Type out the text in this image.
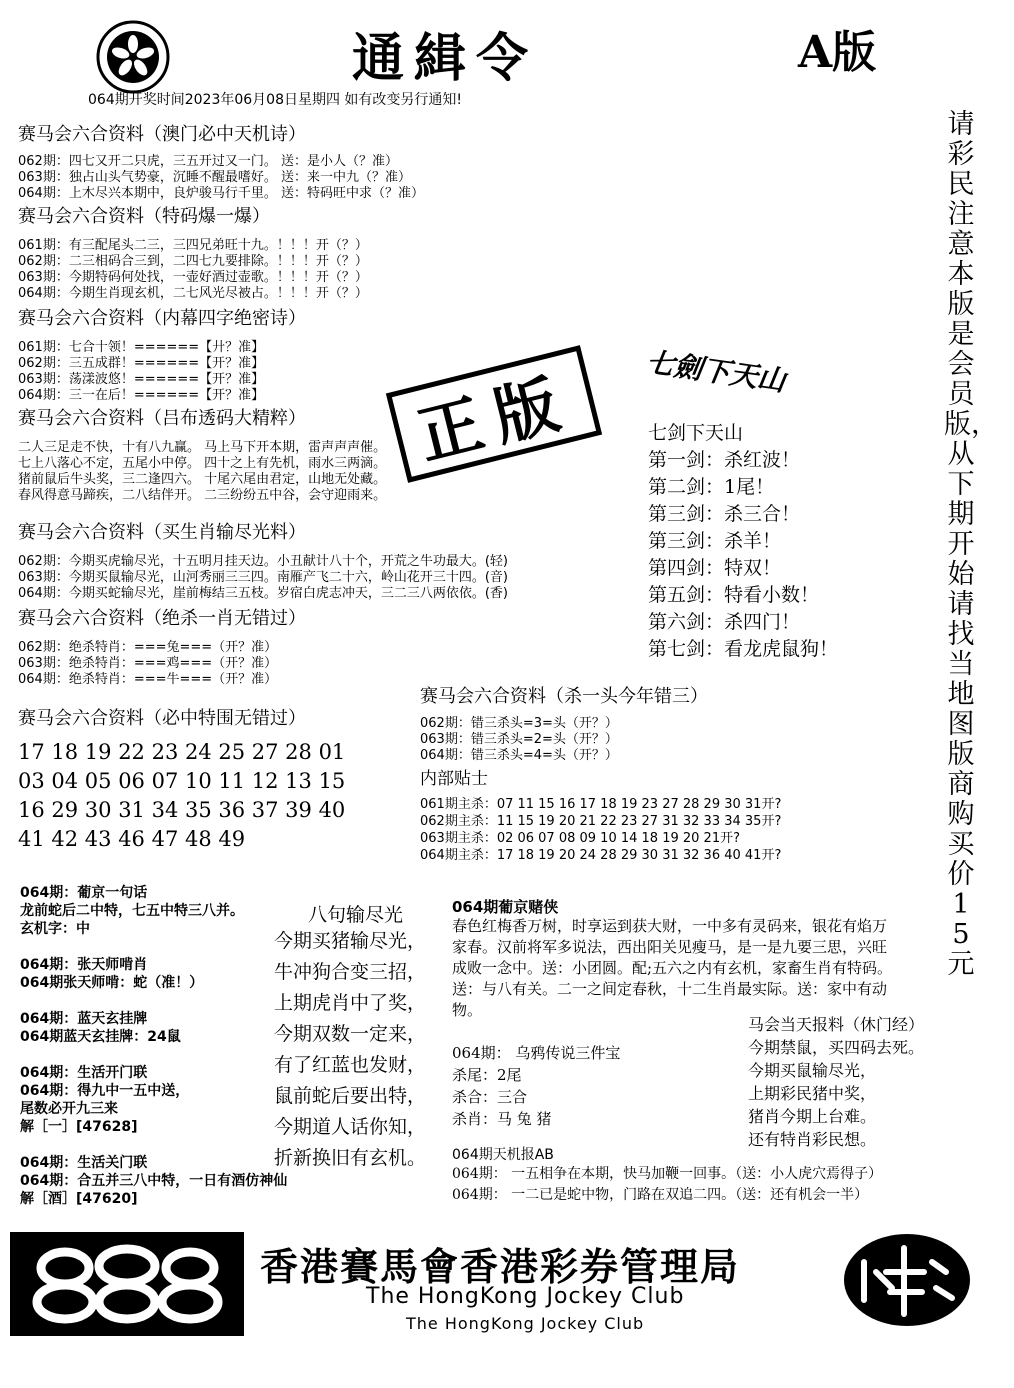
通緝令	A版
064期开奖时间2023年06月08日星期四 如有改变另行通知!
请彩民注意本版是会员版，从下期开始请找当地图版商购买价15元
赛马会六合资料（澳门必中天机诗）
062期：四七又开二只虎，三五开过又一门。 送：是小人（？准）
063期：独占山头气势豪，沉睡不醒最嗜好。 送：来一中九（？准）
064期：上木尽兴本期中，良炉骏马行千里。 送：特码旺中求（？准）
赛马会六合资料（特码爆一爆）
061期：有三配尾头二三，三四兄弟旺十九。！！！开（？）
062期：二三相码合三到，二四七九要排除。！！！开（？）
063期：今期特码何处找，一壶好酒过壶歌。！！！开（？）
064期：今期生肖现玄机，二七风光尽被占。！！！开（？）
赛马会六合资料（内幕四字绝密诗）
061期：七合十领！======【廾？准】
062期：三五成群！======【开？准】
063期：荡漾波悠！======【开？准】
064期：三一在后！======【开？准】
赛马会六合资料（吕布透码大精粹）
二人三足走不快，十有八九赢。 马上马下开本期，雷声声声催。
七上八落心不定，五尾小中停。 四十之上有先机，雨水三两滴。
猪前鼠后牛头奖，三二逢四六。 十尾六尾由君定，山地无处藏。
春风得意马蹄疾，二八结伴开。 二三纷纷五中谷，会守迎雨来。
正版
赛马会六合资料（买生肖输尽光料）
062期：今期买虎输尽光，十五明月挂天边。小丑献计八十个，开荒之牛功最大。(轻)
063期：今期买鼠输尽光，山河秀丽三三四。南雁产飞二十六，岭山花开三十四。(音)
064期：今期买蛇输尽光，崖前梅结三五枝。岁宿白虎志冲天，三二三八两依依。(香)
赛马会六合资料（绝杀一肖无错过）
062期：绝杀特肖：===兔===（开？准）
063期：绝杀特肖：===鸡===（开？准）
064期：绝杀特肖：===牛===（开？准）
赛马会六合资料（必中特围无错过）
17 18 19 22 23 24 25 27 28 01
03 04 05 06 07 10 11 12 13 15
16 29 30 31 34 35 36 37 39 40
41 42 43 46 47 48 49
七劍下天山
七剑下天山
第一剑：杀红波！
第二剑：1尾！
第三剑：杀三合！
第三剑：杀羊！
第四剑：特双！
第五剑：特看小数！
第六剑：杀四门！
第七剑：看龙虎鼠狗！
赛马会六合资料（杀一头今年错三）
062期：错三杀头=3=头（开？）
063期：错三杀头=2=头（开？）
064期：错三杀头=4=头（开？）
内部贴士
061期主杀：07 11 15 16 17 18 19 23 27 28 29 30 31开?
062期主杀：11 15 19 20 21 22 23 27 31 32 33 34 35开?
063期主杀：02 06 07 08 09 10 14 18 19 20 21开?
064期主杀：17 18 19 20 24 28 29 30 31 32 36 40 41开?
064期：葡京一句话
龙前蛇后二中特，七五中特三八并。
玄机字：中
064期：张天师啃肖
064期张天师啃：蛇（准！）
064期：蓝天玄挂牌
064期蓝天玄挂牌：24鼠
064期：生活开门联
064期：得九中一五中送，
尾数必开九三来
解［一］[47628]
064期：生活关门联
064期：合五并三八中特，一日有酒仿神仙
解［酒］[47620]
八句输尽光
今期买猪输尽光，
牛冲狗合变三招，
上期虎肖中了奖，
今期双数一定来，
有了红蓝也发财，
鼠前蛇后要出特，
今期道人话你知，
折新换旧有玄机。
064期葡京赌侠
春色红梅香万树，时享运到获大财，一中多有灵码来，银花有焰万
家春。汉前将军多说法，西出阳关见瘦马，是一是九要三思，兴旺
成败一念中。送：小团圆。配;五六之内有玄机，家畜生肖有特码。
送：与八有关。二一之间定春秋，十二生肖最实际。送：家中有动
物。
064期： 乌鸦传说三件宝
杀尾：2尾
杀合：三合
杀肖：马 兔 猪
马会当天报料（休门经）
今期禁鼠，买四码去死。
今期买鼠输尽光，
上期彩民猪中奖，
猪肖今期上台难。
还有特肖彩民想。
064期天机报AB
064期： 一五相争在本期，快马加鞭一回事。（送：小人虎穴焉得子）
064期： 一二已是蛇中物，门路在双追二四。（送：还有机会一半）
香港賽馬會香港彩券管理局
The HongKong Jockey Club
The HongKong Jockey Club
